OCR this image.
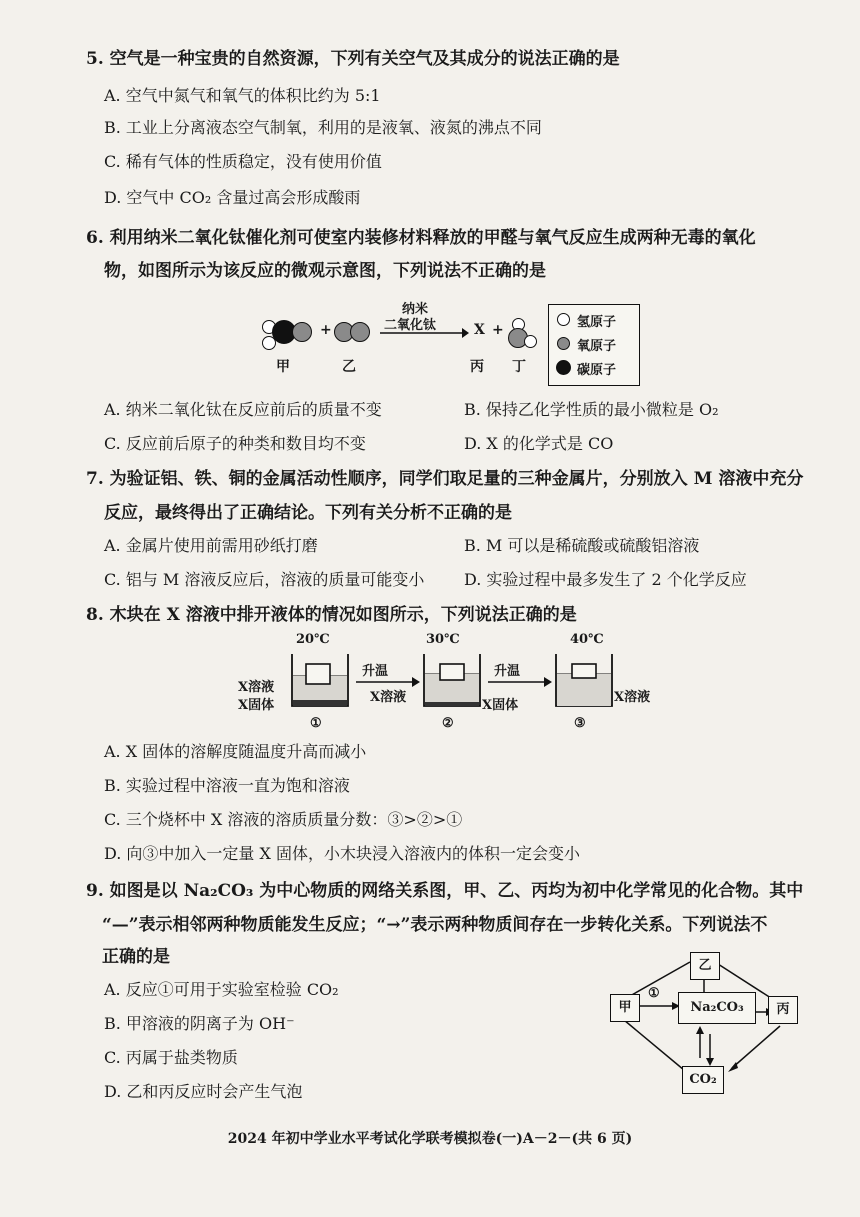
5. 空气是一种宝贵的自然资源，下列有关空气及其成分的说法正确的是
A. 空气中氮气和氧气的体积比约为 5:1
B. 工业上分离液态空气制氧，利用的是液氧、液氮的沸点不同
C. 稀有气体的性质稳定，没有使用价值
D. 空气中 CO₂ 含量过高会形成酸雨
6. 利用纳米二氧化钛催化剂可使室内装修材料释放的甲醛与氧气反应生成两种无毒的氧化
物，如图所示为该反应的微观示意图，下列说法不正确的是
+
纳米
二氧化钛	X +
甲	乙	丙 丁
氢原子
氧原子
碳原子
A. 纳米二氧化钛在反应前后的质量不变	B. 保持乙化学性质的最小微粒是 O₂
C. 反应前后原子的种类和数目均不变	D. X 的化学式是 CO
7. 为验证铝、铁、铜的金属活动性顺序，同学们取足量的三种金属片，分别放入 M 溶液中充分
反应，最终得出了正确结论。下列有关分析不正确的是
A. 金属片使用前需用砂纸打磨	B. M 可以是稀硫酸或硫酸铝溶液
C. 铝与 M 溶液反应后，溶液的质量可能变小 D. 实验过程中最多发生了 2 个化学反应
8. 木块在 X 溶液中排开液体的情况如图所示，下列说法正确的是
20℃	30℃	40℃
升温	升温
X溶液
X固体
X溶液
X固体
X溶液
①	②	③
A. X 固体的溶解度随温度升高而减小
B. 实验过程中溶液一直为饱和溶液
C. 三个烧杯中 X 溶液的溶质质量分数：③>②>①
D. 向③中加入一定量 X 固体，小木块浸入溶液内的体积一定会变小
9. 如图是以 Na₂CO₃ 为中心物质的网络关系图，甲、乙、丙均为初中化学常见的化合物。其中
“—”表示相邻两种物质能发生反应；“→”表示两种物质间存在一步转化关系。下列说法不
正确的是
A. 反应①可用于实验室检验 CO₂
B. 甲溶液的阴离子为 OH⁻
C. 丙属于盐类物质
D. 乙和丙反应时会产生气泡
乙
甲	Na₂CO₃	丙
CO₂
①
2024 年初中学业水平考试化学联考模拟卷(一)A－2－(共 6 页)
